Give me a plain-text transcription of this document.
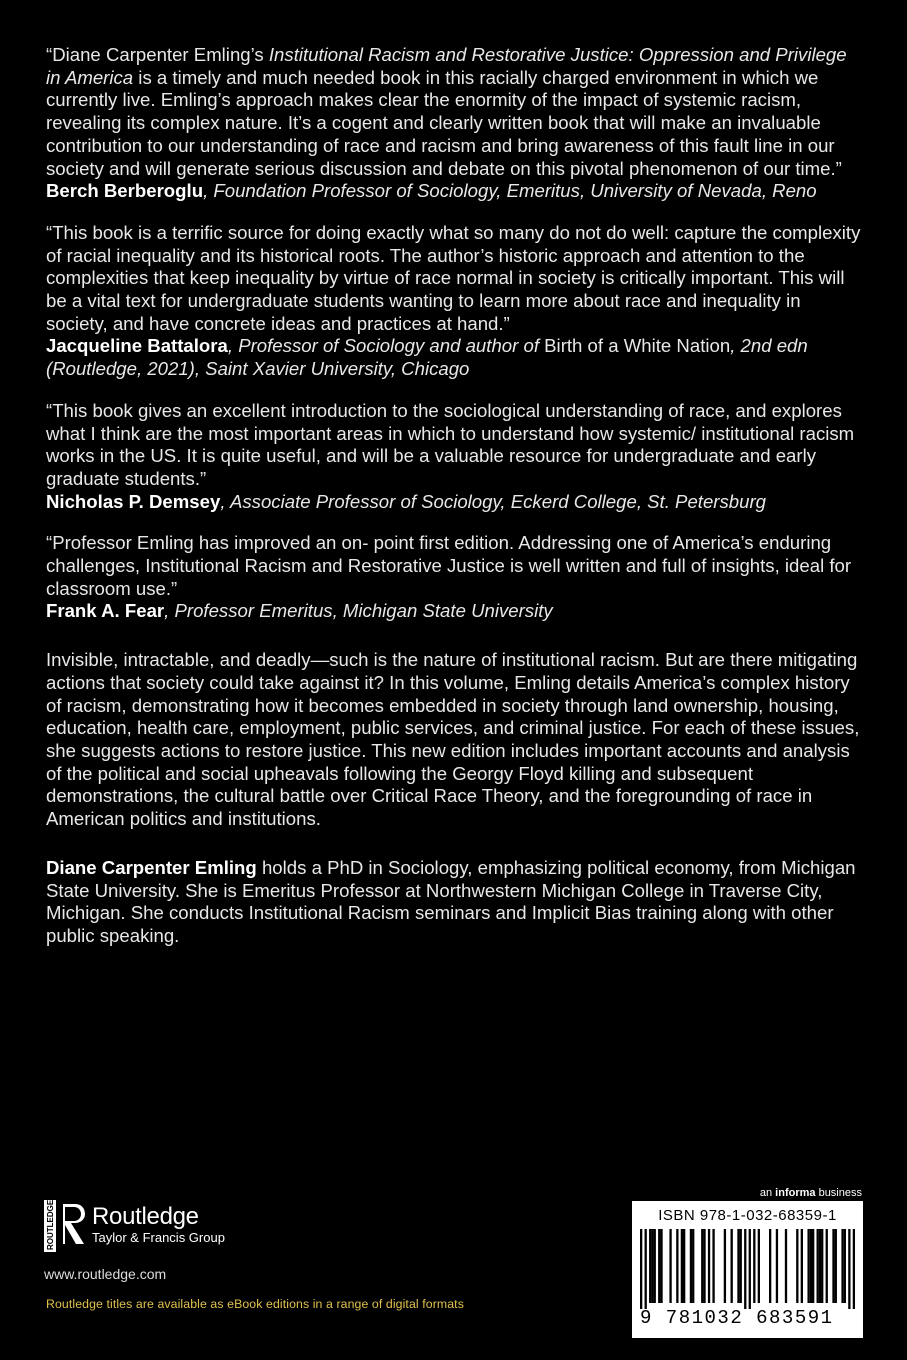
“Diane Carpenter Emling’s Institutional Racism and Restorative Justice: Oppression and Privilege in America is a timely and much needed book in this racially charged environment in which we currently live. Emling’s approach makes clear the enormity of the impact of systemic racism, revealing its complex nature. It’s a cogent and clearly written book that will make an invaluable contribution to our understanding of race and racism and bring awareness of this fault line in our society and will generate serious discussion and debate on this pivotal phenomenon of our time.”

Berch Berberoglu, Foundation Professor of Sociology, Emeritus, University of Nevada, Reno

“This book is a terrific source for doing exactly what so many do not do well: capture the complexity of racial inequality and its historical roots. The author’s historic approach and attention to the complexities that keep inequality by virtue of race normal in society is critically important. This will be a vital text for undergraduate students wanting to learn more about race and inequality in society, and have concrete ideas and practices at hand.”

Jacqueline Battalora, Professor of Sociology and author of Birth of a White Nation, 2nd edn (Routledge, 2021), Saint Xavier University, Chicago

“This book gives an excellent introduction to the sociological understanding of race, and explores what I think are the most important areas in which to understand how systemic/ institutional racism works in the US. It is quite useful, and will be a valuable resource for undergraduate and early graduate students.”

Nicholas P. Demsey, Associate Professor of Sociology, Eckerd College, St. Petersburg

“Professor Emling has improved an on- point first edition. Addressing one of America’s enduring challenges, Institutional Racism and Restorative Justice is well written and full of insights, ideal for classroom use.”

Frank A. Fear, Professor Emeritus, Michigan State University

Invisible, intractable, and deadly—such is the nature of institutional racism. But are there mitigating actions that society could take against it? In this volume, Emling details America’s complex history of racism, demonstrating how it becomes embedded in society through land ownership, housing, education, health care, employment, public services, and criminal justice. For each of these issues, she suggests actions to restore justice. This new edition includes important accounts and analysis of the political and social upheavals following the Georgy Floyd killing and subsequent demonstrations, the cultural battle over Critical Race Theory, and the foregrounding of race in American politics and institutions.

Diane Carpenter Emling holds a PhD in Sociology, emphasizing political economy, from Michigan State University. She is Emeritus Professor at Northwestern Michigan College in Traverse City, Michigan. She conducts Institutional Racism seminars and Implicit Bias training along with other public speaking.

ROUTLEDGE Routledge
Taylor & Francis Group
www.routledge.com
Routledge titles are available as eBook editions in a range of digital formats
an informa business
ISBN 978-1-032-68359-1
9 781032 683591
